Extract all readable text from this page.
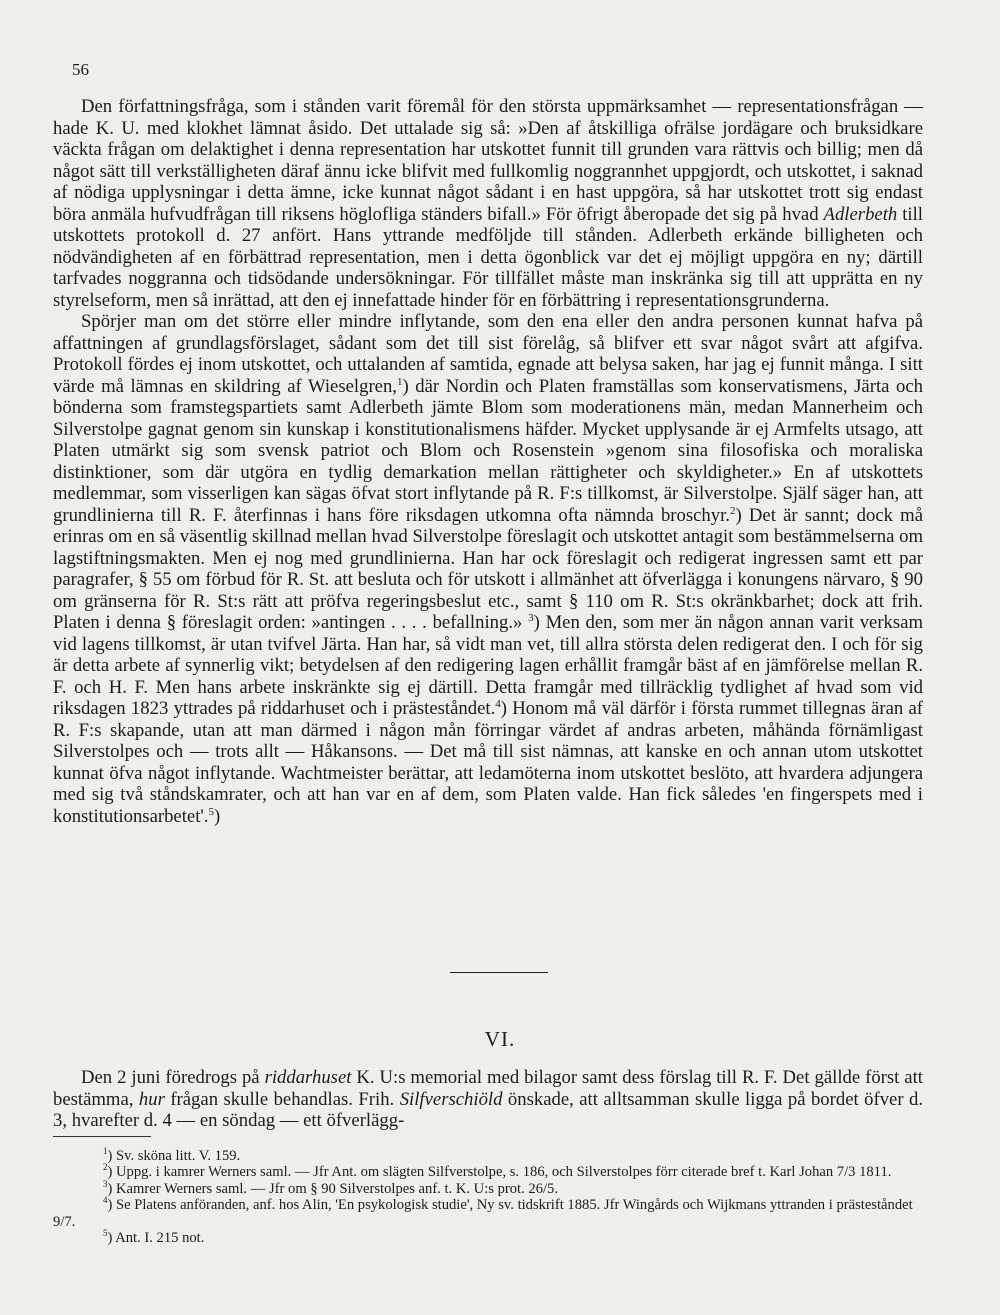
56

Den författningsfråga, som i stånden varit föremål för den största uppmärksamhet — representationsfrågan — hade K. U. med klokhet lämnat åsido. Det uttalade sig så: »Den af åtskilliga ofrälse jordägare och bruksidkare väckta frågan om delaktighet i denna representation har utskottet funnit till grunden vara rättvis och billig; men då något sätt till verkställigheten däraf ännu icke blifvit med fullkomlig noggrannhet uppgjordt, och utskottet, i saknad af nödiga upplysningar i detta ämne, icke kunnat något sådant i en hast uppgöra, så har utskottet trott sig endast böra anmäla hufvudfrågan till riksens höglofliga ständers bifall.» För öfrigt åberopade det sig på hvad Adlerbeth till utskottets protokoll d. 27 anfört. Hans yttrande medföljde till stånden. Adlerbeth erkände billigheten och nödvändigheten af en förbättrad representation, men i detta ögonblick var det ej möjligt uppgöra en ny; därtill tarfvades noggranna och tidsödande undersökningar. För tillfället måste man inskränka sig till att upprätta en ny styrelseform, men så inrättad, att den ej innefattade hinder för en förbättring i representationsgrunderna.

Spörjer man om det större eller mindre inflytande, som den ena eller den andra personen kunnat hafva på affattningen af grundlagsförslaget, sådant som det till sist förelåg, så blifver ett svar något svårt att afgifva. Protokoll fördes ej inom utskottet, och uttalanden af samtida, egnade att belysa saken, har jag ej funnit många. I sitt värde må lämnas en skildring af Wieselgren,$^1$) där Nordin och Platen framställas som konservatismens, Järta och bönderna som framstegspartiets samt Adlerbeth jämte Blom som moderationens män, medan Mannerheim och Silverstolpe gagnat genom sin kunskap i konstitutionalismens häfder. Mycket upplysande är ej Armfelts utsago, att Platen utmärkt sig som svensk patriot och Blom och Rosenstein »genom sina filosofiska och moraliska distinktioner, som där utgöra en tydlig demarkation mellan rättigheter och skyldigheter.» En af utskottets medlemmar, som visserligen kan sägas öfvat stort inflytande på R. F:s tillkomst, är Silverstolpe. Själf säger han, att grundlinierna till R. F. återfinnas i hans före riksdagen utkomna ofta nämnda broschyr.$^2$) Det är sannt; dock må erinras om en så väsentlig skillnad mellan hvad Silverstolpe föreslagit och utskottet antagit som bestämmelserna om lagstiftningsmakten. Men ej nog med grundlinierna. Han har ock föreslagit och redigerat ingressen samt ett par paragrafer, § 55 om förbud för R. St. att besluta och för utskott i allmänhet att öfverlägga i konungens närvaro, § 90 om gränserna för R. St:s rätt att pröfva regeringsbeslut etc., samt § 110 om R. St:s okränkbarhet; dock att frih. Platen i denna § föreslagit orden: »antingen . . . . befallning.» $^3$) Men den, som mer än någon annan varit verksam vid lagens tillkomst, är utan tvifvel Järta. Han har, så vidt man vet, till allra största delen redigerat den. I och för sig är detta arbete af synnerlig vikt; betydelsen af den redigering lagen erhållit framgår bäst af en jämförelse mellan R. F. och H. F. Men hans arbete inskränkte sig ej därtill. Detta framgår med tillräcklig tydlighet af hvad som vid riksdagen 1823 yttrades på riddarhuset och i prästeståndet.$^4$) Honom må väl därför i första rummet tillegnas äran af R. F:s skapande, utan att man därmed i någon mån förringar värdet af andras arbeten, måhända förnämligast Silverstolpes och — trots allt — Håkansons. — Det må till sist nämnas, att kanske en och annan utom utskottet kunnat öfva något inflytande. Wachtmeister berättar, att ledamöterna inom utskottet beslöto, att hvardera adjungera med sig två ståndskamrater, och att han var en af dem, som Platen valde. Han fick således 'en fingerspets med i konstitutionsarbetet'.$^5$)

VI.

Den 2 juni föredrogs på riddarhuset K. U:s memorial med bilagor samt dess förslag till R. F. Det gällde först att bestämma, hur frågan skulle behandlas. Frih. Silfverschiöld önskade, att alltsamman skulle ligga på bordet öfver d. 3, hvarefter d. 4 — en söndag — ett öfverlägg-

$^1$) Sv. sköna litt. V. 159.

$^2$) Uppg. i kamrer Werners saml. — Jfr Ant. om slägten Silfverstolpe, s. 186, och Silverstolpes förr citerade bref t. Karl Johan 7/3 1811.

$^3$) Kamrer Werners saml. — Jfr om § 90 Silverstolpes anf. t. K. U:s prot. 26/5.

$^4$) Se Platens anföranden, anf. hos Alin, 'En psykologisk studie', Ny sv. tidskrift 1885. Jfr Wingårds och Wijkmans yttranden i prästeståndet 9/7.

$^5$) Ant. I. 215 not.
